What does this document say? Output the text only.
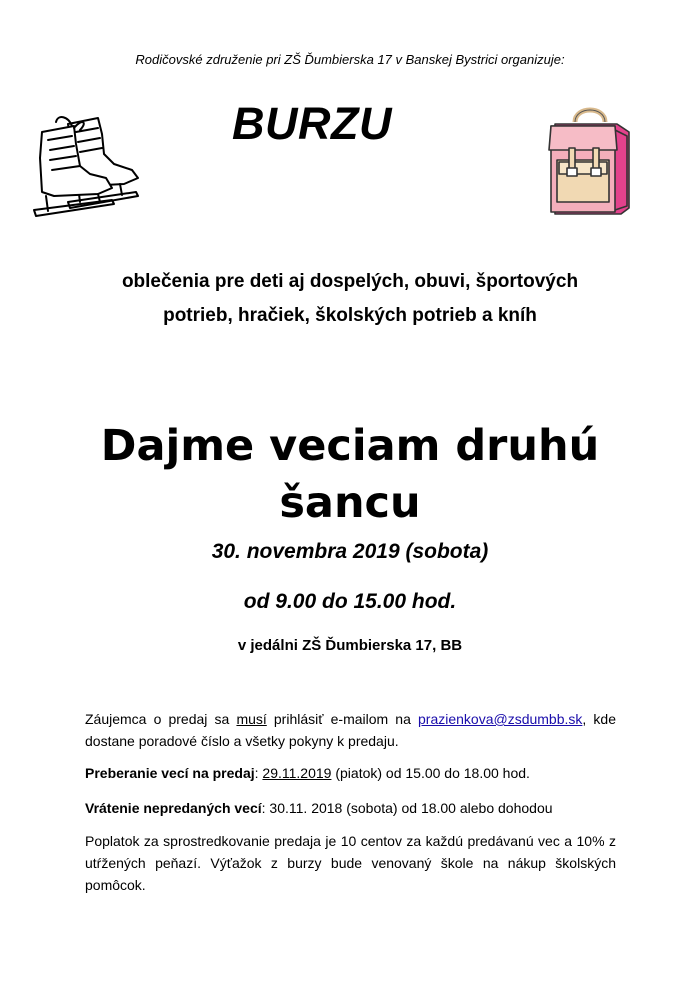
Rodičovské združenie pri ZŠ Ďumbierska 17 v Banskej Bystrici organizuje:
BURZU
oblečenia pre deti aj dospelých, obuvi, športových
potrieb, hračiek, školských potrieb a kníh
Dajme veciam druhú
šancu
30. novembra 2019 (sobota)
od 9.00 do 15.00 hod.
v jedálni ZŠ Ďumbierska 17, BB
Záujemca o predaj sa musí prihlásiť e-mailom na prazienkova@zsdumbb.sk, kde dostane poradové číslo a všetky pokyny k predaju.
Preberanie vecí na predaj: 29.11.2019 (piatok) od 15.00 do 18.00 hod.
Vrátenie nepredaných vecí: 30.11. 2018 (sobota) od 18.00 alebo dohodou
Poplatok za sprostredkovanie predaja je 10 centov za každú predávanú vec a 10% z utŕžených peňazí. Výťažok z burzy bude venovaný škole na nákup školských pomôcok.
